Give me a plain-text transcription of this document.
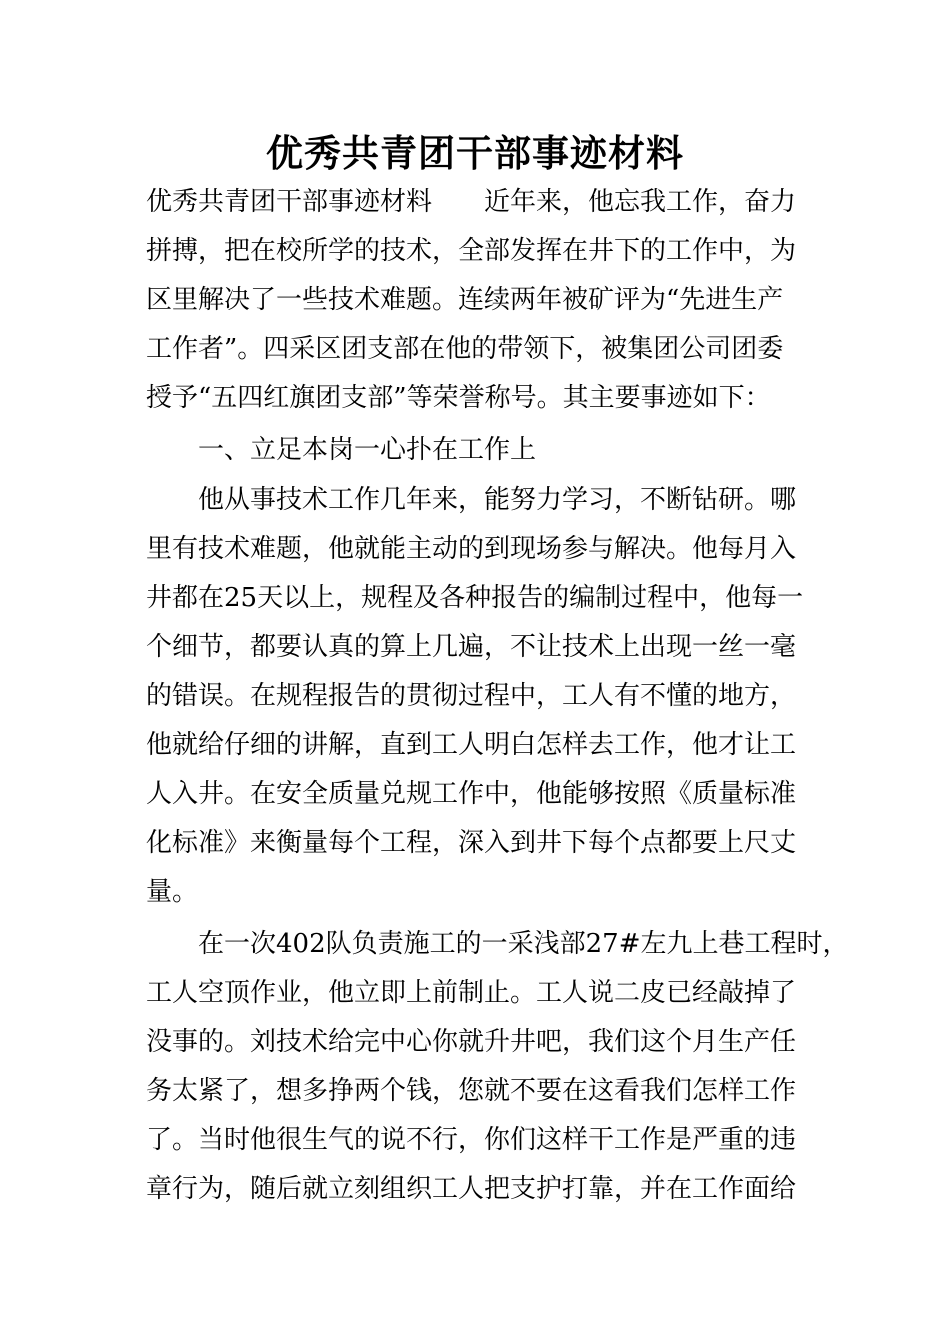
优秀共青团干部事迹材料
优秀共青团干部事迹材料　　近年来，他忘我工作，奋力
拼搏，把在校所学的技术，全部发挥在井下的工作中，为
区里解决了一些技术难题。连续两年被矿评为“先进生产
工作者”。四采区团支部在他的带领下，被集团公司团委
授予“五四红旗团支部”等荣誉称号。其主要事迹如下：
　　一、立足本岗一心扑在工作上
　　他从事技术工作几年来，能努力学习，不断钻研。哪
里有技术难题，他就能主动的到现场参与解决。他每月入
井都在25天以上，规程及各种报告的编制过程中，他每一
个细节，都要认真的算上几遍，不让技术上出现一丝一毫
的错误。在规程报告的贯彻过程中，工人有不懂的地方，
他就给仔细的讲解，直到工人明白怎样去工作，他才让工
人入井。在安全质量兑规工作中，他能够按照《质量标准
化标准》来衡量每个工程，深入到井下每个点都要上尺丈
量。
　　在一次402队负责施工的一采浅部27#左九上巷工程时，
工人空顶作业，他立即上前制止。工人说二皮已经敲掉了
没事的。刘技术给完中心你就升井吧，我们这个月生产任
务太紧了，想多挣两个钱，您就不要在这看我们怎样工作
了。当时他很生气的说不行，你们这样干工作是严重的违
章行为，随后就立刻组织工人把支护打靠，并在工作面给
